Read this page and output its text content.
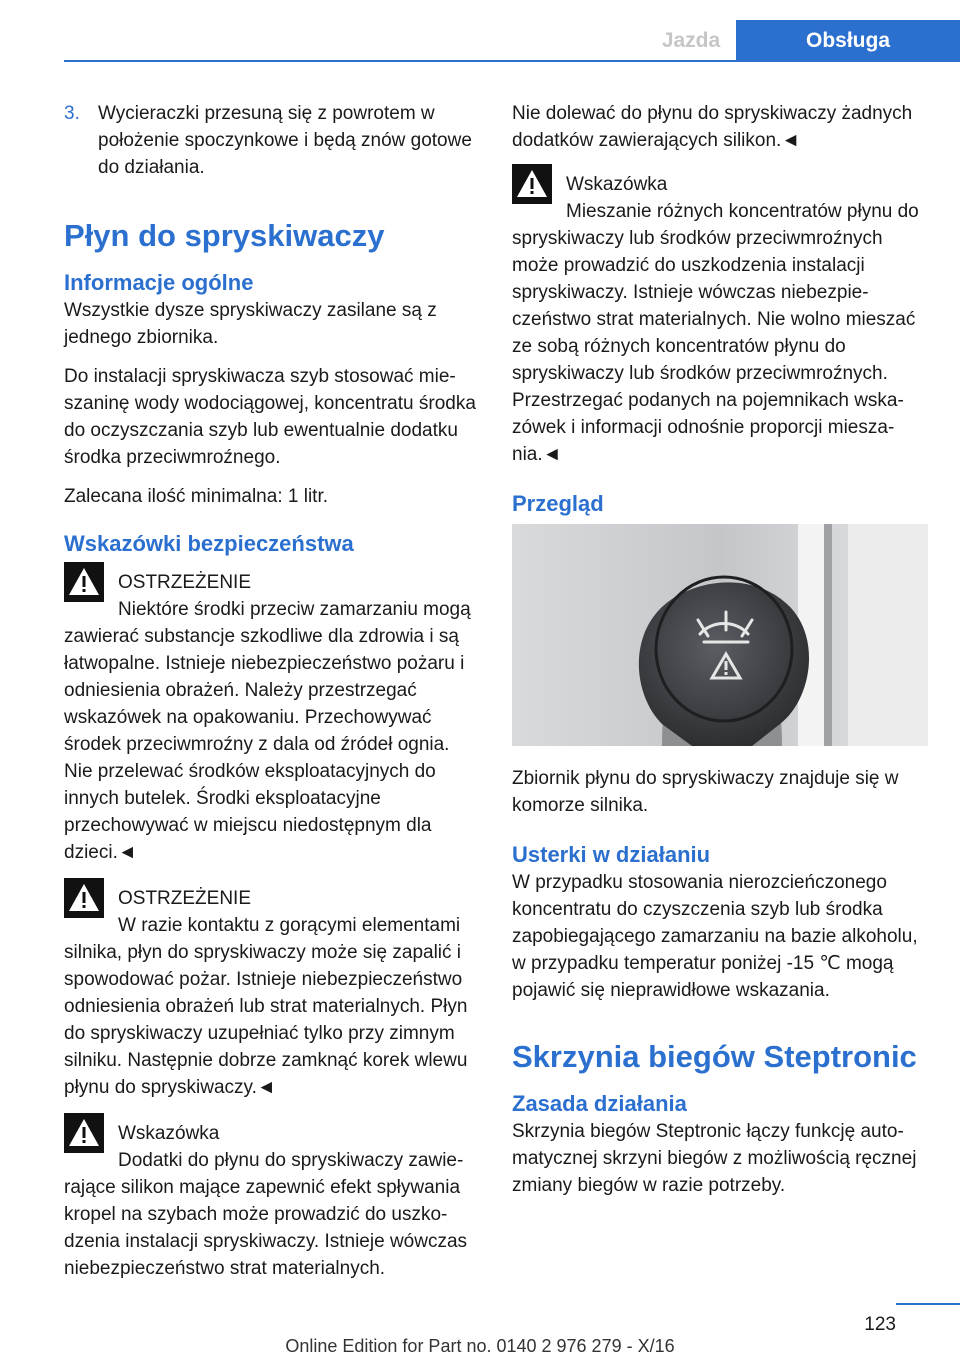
Jazda	Obsługa
3. Wycieraczki przesuną się z powrotem w położenie spoczynkowe i będą znów gotowe do działania.
Płyn do spryskiwaczy
Informacje ogólne

Wszystkie dysze spryskiwaczy zasilane są z jednego zbiornika.

Do instalacji spryskiwacza szyb stosować mieszaninę wody wodociągowej, koncentratu środka do oczyszczania szyb lub ewentualnie dodatku środka przeciwmroźnego.

Zalecana ilość minimalna: 1 litr.

Wskazówki bezpieczeństwa
OSTRZEŻENIE

Niektóre środki przeciw zamarzaniu mogą zawierać substancje szkodliwe dla zdrowia i są łatwopalne. Istnieje niebezpieczeństwo pożaru i odniesienia obrażeń. Należy przestrzegać wskazówek na opakowaniu. Przechowywać środek przeciwmroźny z dala od źródeł ognia. Nie przelewać środków eksploatacyjnych do innych butelek. Środki eksploatacyjne przechowywać w miejscu niedostępnym dla dzieci.◄

OSTRZEŻENIE

W razie kontaktu z gorącymi elementami silnika, płyn do spryskiwaczy może się zapalić i spowodować pożar. Istnieje niebezpieczeństwo odniesienia obrażeń lub strat materialnych. Płyn do spryskiwaczy uzupełniać tylko przy zimnym silniku. Następnie dobrze zamknąć korek wlewu płynu do spryskiwaczy.◄

Wskazówka

Dodatki do płynu do spryskiwaczy zawierające silikon mające zapewnić efekt spływania kropel na szybach może prowadzić do uszkodzenia instalacji spryskiwaczy. Istnieje wówczas niebezpieczeństwo strat materialnych.

Nie dolewać do płynu do spryskiwaczy żadnych dodatków zawierających silikon.◄

Wskazówka

Mieszanie różnych koncentratów płynu do spryskiwaczy lub środków przeciwmroźnych może prowadzić do uszkodzenia instalacji spryskiwaczy. Istnieje wówczas niebezpieczeństwo strat materialnych. Nie wolno mieszać ze sobą różnych koncentratów płynu do spryskiwaczy lub środków przeciwmroźnych. Przestrzegać podanych na pojemnikach wskazówek i informacji odnośnie proporcji mieszania.◄

Przegląd

Zbiornik płynu do spryskiwaczy znajduje się w komorze silnika.

Usterki w działaniu

W przypadku stosowania nierozcieńczonego koncentratu do czyszczenia szyb lub środka zapobiegającego zamarzaniu na bazie alkoholu, w przypadku temperatur poniżej -15 ℃ mogą pojawić się nieprawidłowe wskazania.

Skrzynia biegów Steptronic
Zasada działania

Skrzynia biegów Steptronic łączy funkcję automatycznej skrzyni biegów z możliwością ręcznej zmiany biegów w razie potrzeby.

123
Online Edition for Part no. 0140 2 976 279 - X/16
